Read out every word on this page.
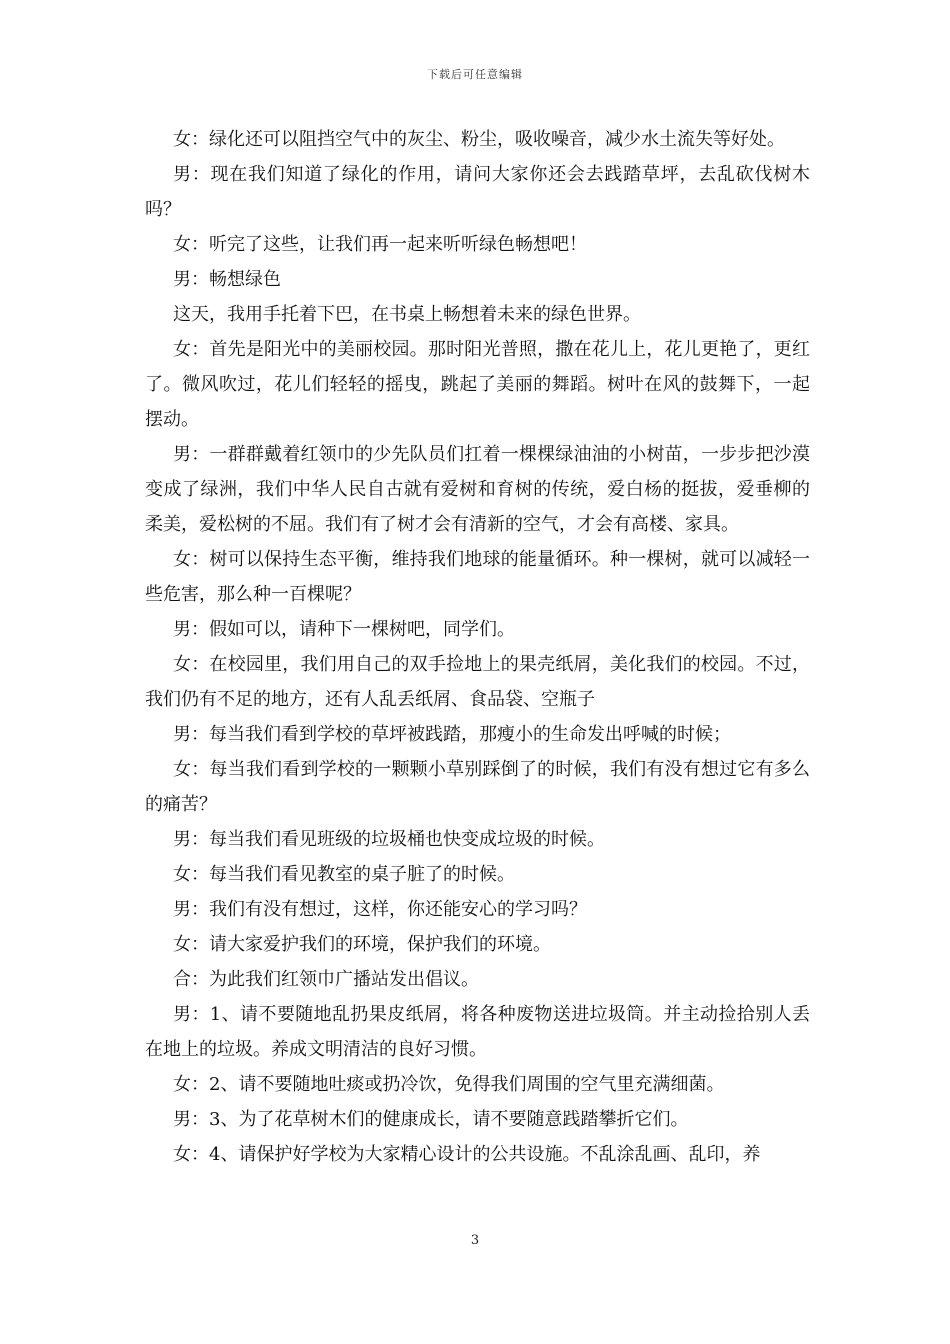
下载后可任意编辑

女：绿化还可以阻挡空气中的灰尘、粉尘，吸收噪音，减少水土流失等好处。

男：现在我们知道了绿化的作用，请问大家你还会去践踏草坪，去乱砍伐树木吗？

女：听完了这些，让我们再一起来听听绿色畅想吧！

男：畅想绿色

这天，我用手托着下巴，在书桌上畅想着未来的绿色世界。

女：首先是阳光中的美丽校园。那时阳光普照，撒在花儿上，花儿更艳了，更红了。微风吹过，花儿们轻轻的摇曳，跳起了美丽的舞蹈。树叶在风的鼓舞下，一起摆动。

男：一群群戴着红领巾的少先队员们扛着一棵棵绿油油的小树苗，一步步把沙漠变成了绿洲，我们中华人民自古就有爱树和育树的传统，爱白杨的挺拔，爱垂柳的柔美，爱松树的不屈。我们有了树才会有清新的空气，才会有高楼、家具。

女：树可以保持生态平衡，维持我们地球的能量循环。种一棵树，就可以减轻一些危害，那么种一百棵呢？

男：假如可以，请种下一棵树吧，同学们。

女：在校园里，我们用自己的双手捡地上的果壳纸屑，美化我们的校园。不过，我们仍有不足的地方，还有人乱丢纸屑、食品袋、空瓶子

男：每当我们看到学校的草坪被践踏，那瘦小的生命发出呼喊的时候；

女：每当我们看到学校的一颗颗小草别踩倒了的时候，我们有没有想过它有多么的痛苦？

男：每当我们看见班级的垃圾桶也快变成垃圾的时候。

女：每当我们看见教室的桌子脏了的时候。

男：我们有没有想过，这样，你还能安心的学习吗？

女：请大家爱护我们的环境，保护我们的环境。

合：为此我们红领巾广播站发出倡议。

男：1、请不要随地乱扔果皮纸屑，将各种废物送进垃圾筒。并主动捡拾别人丢在地上的垃圾。养成文明清洁的良好习惯。

女：2、请不要随地吐痰或扔冷饮，免得我们周围的空气里充满细菌。

男：3、为了花草树木们的健康成长，请不要随意践踏攀折它们。

女：4、请保护好学校为大家精心设计的公共设施。不乱涂乱画、乱印，养

3
